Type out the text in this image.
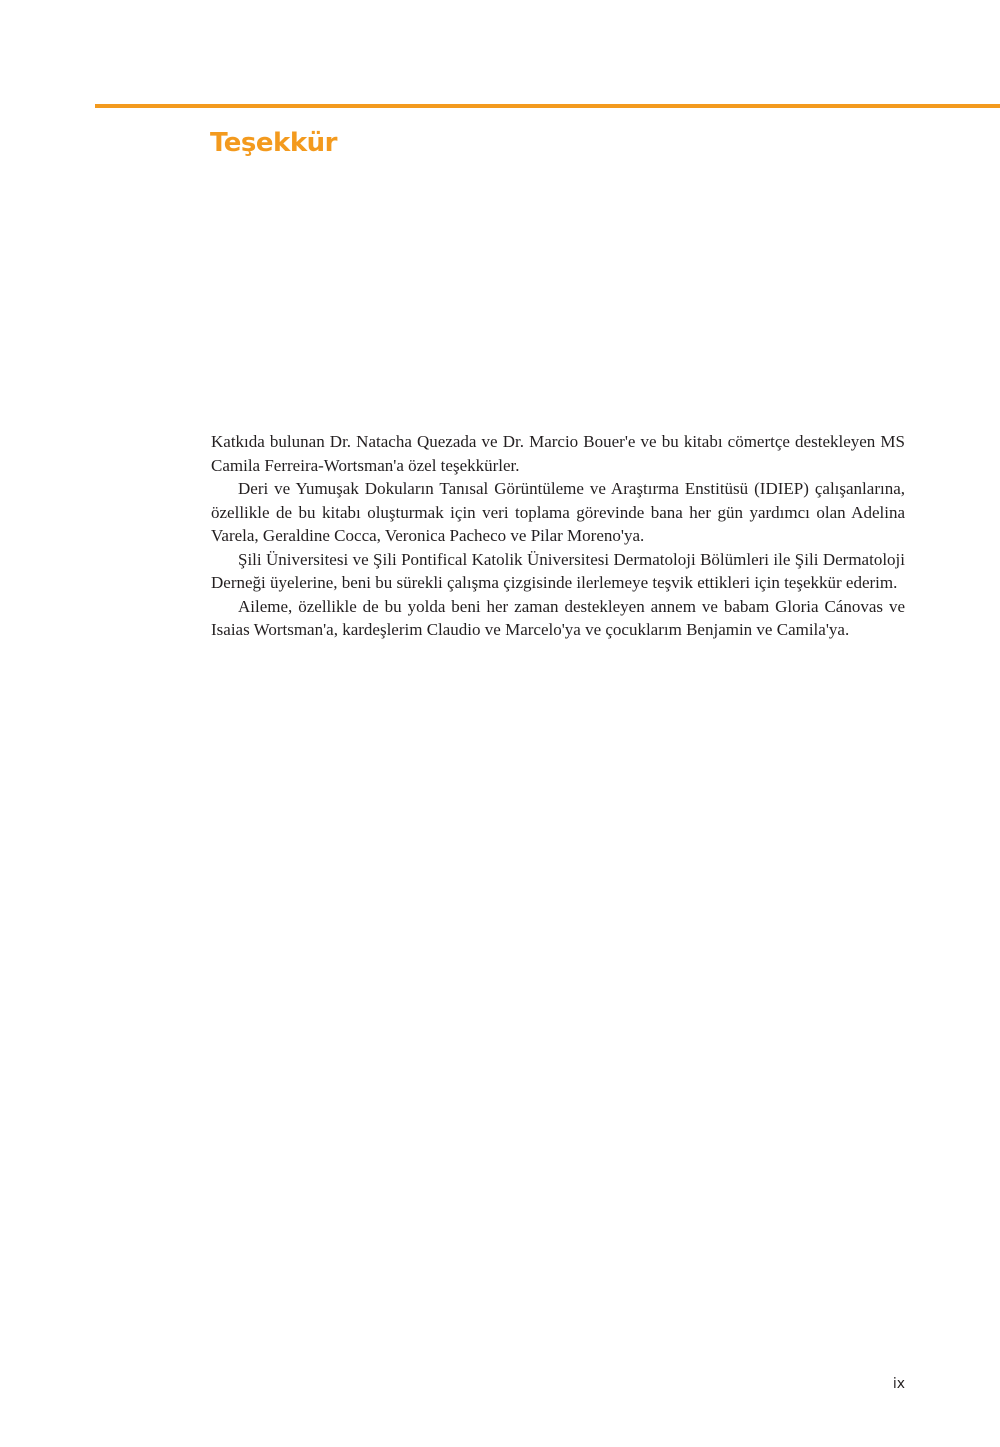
Teşekkür

Katkıda bulunan Dr. Natacha Quezada ve Dr. Marcio Bouer'e ve bu kitabı cömertçe destekleyen MS Camila Ferreira-Wortsman'a özel teşekkürler.

Deri ve Yumuşak Dokuların Tanısal Görüntüleme ve Araştırma Enstitüsü (IDIEP) çalışanlarına, özellikle de bu kitabı oluşturmak için veri toplama görevinde bana her gün yardımcı olan Adelina Varela, Geraldine Cocca, Veronica Pacheco ve Pilar Moreno'ya.

Şili Üniversitesi ve Şili Pontifical Katolik Üniversitesi Dermatoloji Bölümleri ile Şili Dermatoloji Derneği üyelerine, beni bu sürekli çalışma çizgisinde ilerlemeye teşvik ettikleri için teşekkür ederim.

Aileme, özellikle de bu yolda beni her zaman destekleyen annem ve babam Gloria Cánovas ve Isaias Wortsman'a, kardeşlerim Claudio ve Marcelo'ya ve çocuklarım Benjamin ve Camila'ya.

ix
